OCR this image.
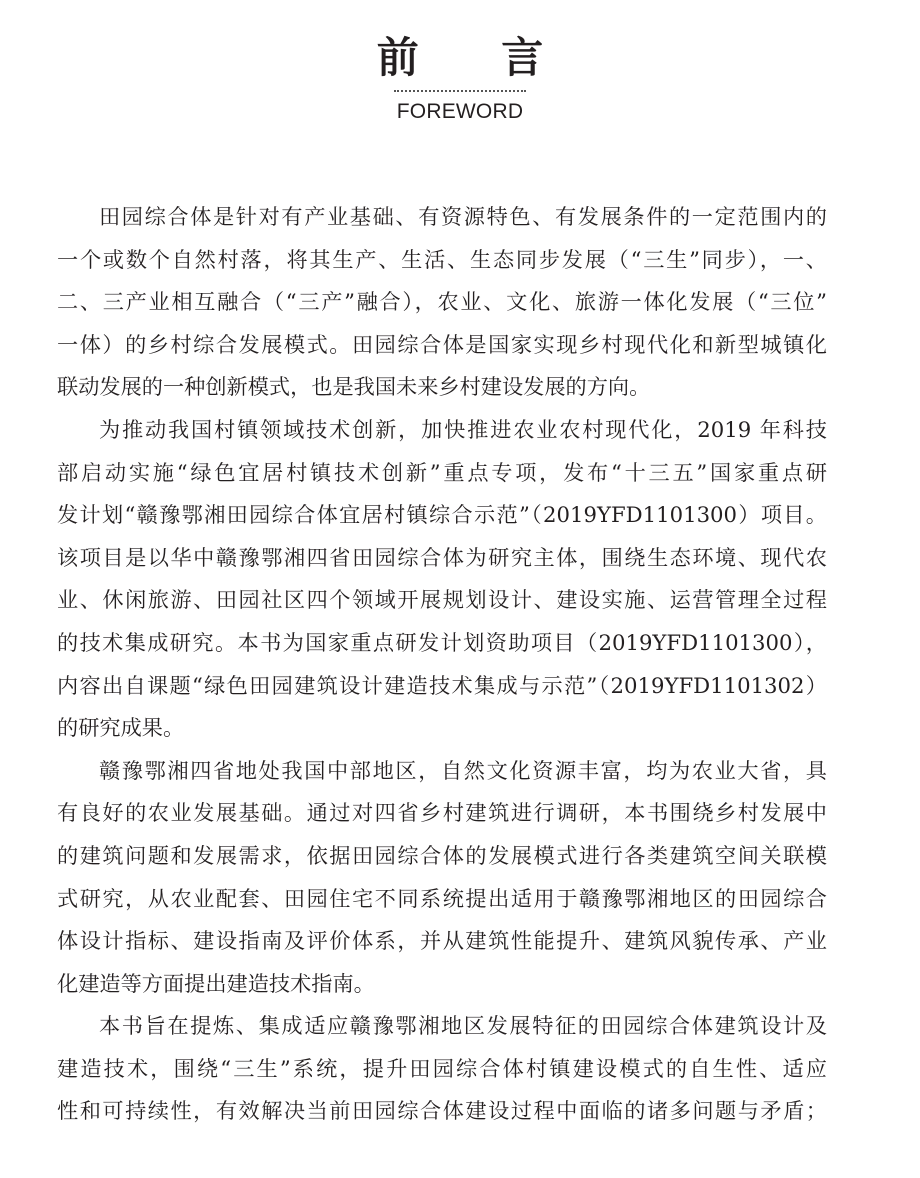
前 言
FOREWORD

田园综合体是针对有产业基础、有资源特色、有发展条件的一定范围内的
一个或数个自然村落，将其生产、生活、生态同步发展（“三生”同步），一、
二、三产业相互融合（“三产”融合），农业、文化、旅游一体化发展（“三位”
一体）的乡村综合发展模式。田园综合体是国家实现乡村现代化和新型城镇化
联动发展的一种创新模式，也是我国未来乡村建设发展的方向。

为推动我国村镇领域技术创新，加快推进农业农村现代化，2019 年科技
部启动实施“绿色宜居村镇技术创新”重点专项，发布“十三五”国家重点研
发计划“赣豫鄂湘田园综合体宜居村镇综合示范”（2019YFD1101300）项目。
该项目是以华中赣豫鄂湘四省田园综合体为研究主体，围绕生态环境、现代农
业、休闲旅游、田园社区四个领域开展规划设计、建设实施、运营管理全过程
的技术集成研究。本书为国家重点研发计划资助项目（2019YFD1101300），
内容出自课题“绿色田园建筑设计建造技术集成与示范”（2019YFD1101302）
的研究成果。

赣豫鄂湘四省地处我国中部地区，自然文化资源丰富，均为农业大省，具
有良好的农业发展基础。通过对四省乡村建筑进行调研，本书围绕乡村发展中
的建筑问题和发展需求，依据田园综合体的发展模式进行各类建筑空间关联模
式研究，从农业配套、田园住宅不同系统提出适用于赣豫鄂湘地区的田园综合
体设计指标、建设指南及评价体系，并从建筑性能提升、建筑风貌传承、产业
化建造等方面提出建造技术指南。

本书旨在提炼、集成适应赣豫鄂湘地区发展特征的田园综合体建筑设计及
建造技术，围绕“三生”系统，提升田园综合体村镇建设模式的自生性、适应
性和可持续性，有效解决当前田园综合体建设过程中面临的诸多问题与矛盾；
